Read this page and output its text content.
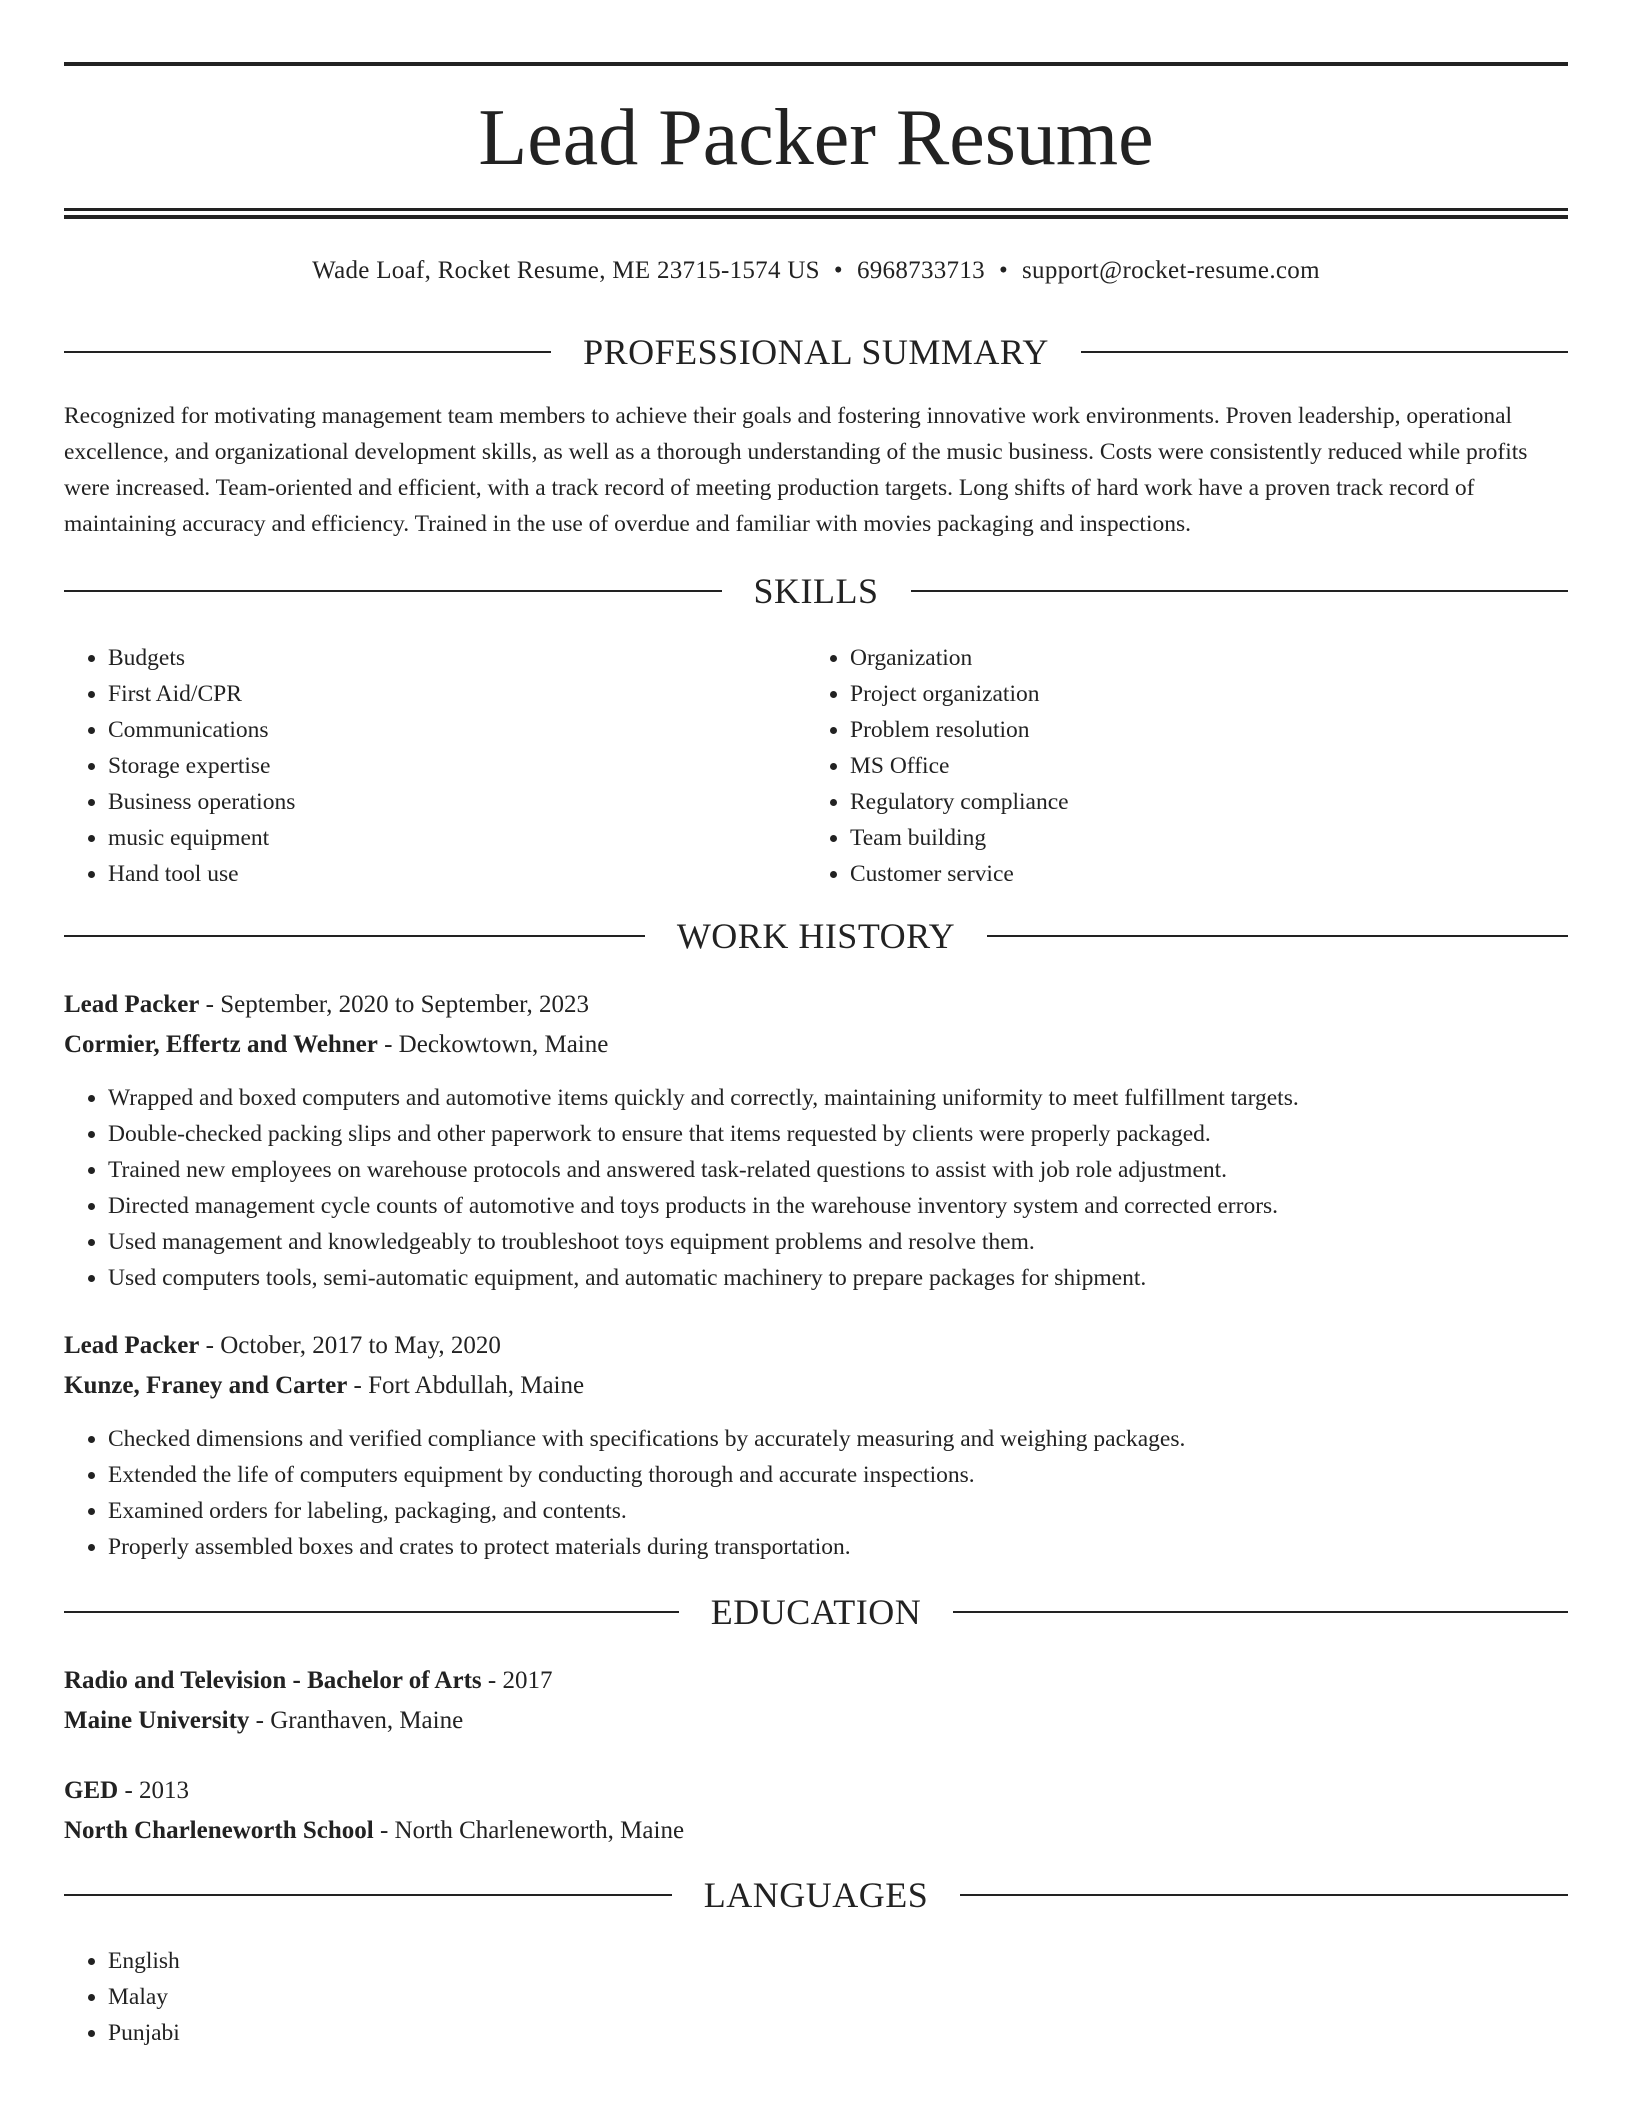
Lead Packer Resume
Wade Loaf, Rocket Resume, ME 23715-1574 US • 6968733713 • support@rocket-resume.com
PROFESSIONAL SUMMARY

Recognized for motivating management team members to achieve their goals and fostering innovative work environments. Proven leadership, operational excellence, and organizational development skills, as well as a thorough understanding of the music business. Costs were consistently reduced while profits were increased. Team-oriented and efficient, with a track record of meeting production targets. Long shifts of hard work have a proven track record of maintaining accuracy and efficiency. Trained in the use of overdue and familiar with movies packaging and inspections.

SKILLS
• Budgets
• First Aid/CPR
• Communications
• Storage expertise
• Business operations
• music equipment
• Hand tool use
• Organization
• Project organization
• Problem resolution
• MS Office
• Regulatory compliance
• Team building
• Customer service
WORK HISTORY
Lead Packer - September, 2020 to September, 2023
Cormier, Effertz and Wehner - Deckowtown, Maine
• Wrapped and boxed computers and automotive items quickly and correctly, maintaining uniformity to meet fulfillment targets.
• Double-checked packing slips and other paperwork to ensure that items requested by clients were properly packaged.
• Trained new employees on warehouse protocols and answered task-related questions to assist with job role adjustment.
• Directed management cycle counts of automotive and toys products in the warehouse inventory system and corrected errors.
• Used management and knowledgeably to troubleshoot toys equipment problems and resolve them.
• Used computers tools, semi-automatic equipment, and automatic machinery to prepare packages for shipment.
Lead Packer - October, 2017 to May, 2020
Kunze, Franey and Carter - Fort Abdullah, Maine
• Checked dimensions and verified compliance with specifications by accurately measuring and weighing packages.
• Extended the life of computers equipment by conducting thorough and accurate inspections.
• Examined orders for labeling, packaging, and contents.
• Properly assembled boxes and crates to protect materials during transportation.
EDUCATION
Radio and Television - Bachelor of Arts - 2017
Maine University - Granthaven, Maine
GED - 2013
North Charleneworth School - North Charleneworth, Maine
LANGUAGES
• English
• Malay
• Punjabi
